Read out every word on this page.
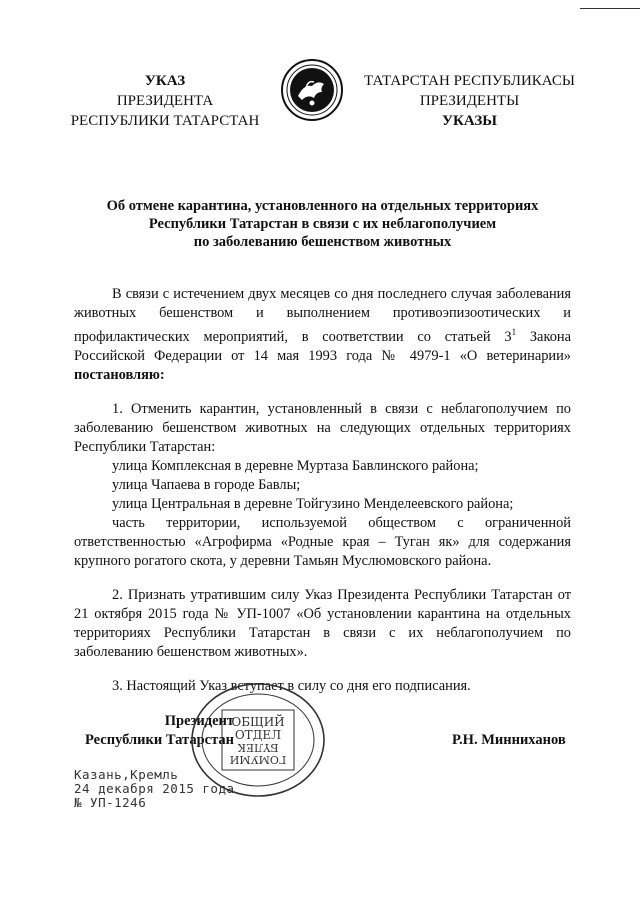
УКАЗ
ПРЕЗИДЕНТА
РЕСПУБЛИКИ ТАТАРСТАН
ТАТАРСТАН РЕСПУБЛИКАСЫ
ПРЕЗИДЕНТЫ
УКАЗЫ
Об отмене карантина, установленного на отдельных территориях
Республики Татарстан в связи с их неблагополучием
по заболеванию бешенством животных

В связи с истечением двух месяцев со дня последнего случая заболевания животных бешенством и выполнением противоэпизоотических и профилактических мероприятий, в соответствии со статьей $3^1$ Закона Российской Федерации от 14 мая 1993 года № 4979-1 «О ветеринарии» постановляю:

1. Отменить карантин, установленный в связи с неблагополучием по заболеванию бешенством животных на следующих отдельных территориях Республики Татарстан:

улица Комплексная в деревне Муртаза Бавлинского района;

улица Чапаева в городе Бавлы;

улица Центральная в деревне Тойгузино Менделеевского района;

часть территории, используемой обществом с ограниченной ответственностью «Агрофирма «Родные края – Туган як» для содержания крупного рогатого скота, у деревни Тамьян Муслюмовского района.

2. Признать утратившим силу Указ Президента Республики Татарстан от 21 октября 2015 года № УП-1007 «Об установлении карантина на отдельных территориях Республики Татарстан в связи с их неблагополучием по заболеванию бешенством животных».

3. Настоящий Указ вступает в силу со дня его подписания.

Президент
Республики Татарстан	Р.Н. Минниханов
ОБЩИЙ
ОТДЕЛ
ГОМУМИ
БҮЛЕК
Казань,Кремль
24 декабря 2015 года
№ УП-1246
